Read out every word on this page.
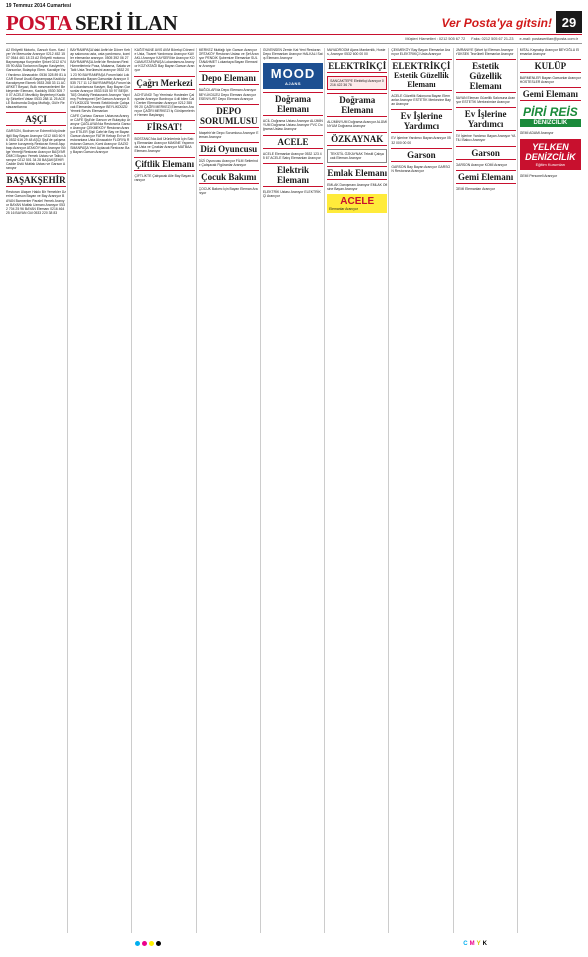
19 Temmuz 2014 Cumartesi
POSTA SERİ İLAN	Ver Posta'ya gitsin! 29
Müşteri Hizmetleri : 0212 505 67 72 Faks: 0212 505 67 21-23 e-mail: postaseriilan@posta.com.tr
A2 Ehliyetli Motorlu, Garsoh Kom- Kasiyer Ve Meesurlar Aranıyor 0212 452 15 07 0544 461 18 23 A2 Ehliyetli motorcu Bayrampaşa Kuryeciler Şirket 0212 674 05 90 ABA Tonlarının Bayan Kasiyerler, Garsonlar, Bulaşıkçı Elem. Kavaliye Yari Yardımcı Alınacaktır. 0536 328 89 81 ACAR Esnaf Usulü Bayrampaşa Kadıköy Kavalçeşme Ekmek 0533 268 33 11 ACARKET Beyazi, Bulk meseranlenleri Bekleyenler Elemanı, Kadıköy 0530 305 70 07 ACELE Mezitköy Beylerbeyi Kadıköy Şirketleri Vatan 0533 288 11 25 ACELE Bodrumda Doğuş Mutfağı, Gül'e Restaurantlarına
AŞÇI
GARSON, Bodrum ve Edremit köyünde ilgili Bay Bayan Aranıyor 0212 663 60 96 0532 616 29 48 AŞÇI Şişli'de çalışmak üzere kuruyemiş Restoran Kendi Aşçıbaşı Aranıyor ATAKÖY'deki Aranıyor Bölge Yemeği Restoran Aranıyor BAŞYARDIMCI Boyacı Yemek Ustası ve Tatlıcı Aranıyor 0212 501 34 28 BAŞAKŞEHİR Cadde Üstü Mutfak Ustası ve Garson Aranıyor
BAŞAKŞEHİR
Restoran Ulaşım Hakkı Bir Yemekler Üzerine Garson Bayan ve Bay Aranıyor BAYAN Barmenler Paralel Yemek Aranıyor BAYAN Mutfak Uzmanı Aranıyor 0532 704 25 96 BAYAN Elemanı 0216 464 25 16 BAYAN Gül 0533 220 38 83
BAYRAMPAŞA'daki Anfin'de Döner Kebap salonuna usta, usta yardımcısı, komiler elemanlar aranıyor. 0505 392 06 27 BAYRAMPAŞA Anfin'de Restoran Rest Hizmetlerimiz Posa, Makarna, Salata ve Tatlı Usta Tecrübesini aranıyor 0532 201 23 90 BAYRAMPAŞA Forum'daki Lokantamızda Bayan Garsonlar Aranıyor 0535 717 11 12 BAYRAMPAŞA Forum'daki Lokantamıza Kasiyer, Bay Bayan Garsonlar Aranıyor 0533 515 50 97 BEŞİKTAŞ Ortaköy Restaurantı Aranıyor Yapılmış Profesyonel Şef Garson Aranıyor BEYLİKDÜZÜ Yemek Sektöründe Çalışacak Elemanlar Aranıyor BEYLİKDÜZÜ Yemek Servis Elemanları
CAFE Çorbacı Garson Ustasına Aranıyor CAFE Şişli'de Garson ve Bulaşıkçı Aranıyor ÇAĞLAYAN'da Restoran'a Garson Aranıyor ÇEKMEKÖY Restoran Aranıyor ETİLER Şişli Cafe'de Bay ve Bayan Garson Aranıyor FATİH Kebap Evi ve Restoranlara Usta Alınacaktır FLORYA Restoran Garson, Komi Aranıyor GAZİOSMANPAŞA Yeni Açılacak Restoran Bay Bayan Garson Aranıyor
KAĞITHANE AVİS AVM Börekçi Dönerde Usta, Ticaret Yardımcısı Aranıyor KAVAKLI Aranıyor KAYSERİ'de Aranıyor KOCAMUSTAFAPAŞA Lokantamıza Aranıyor KOZYATAĞI Bay Bayan Garson Aranıyor
Çağrı Merkezi
ACHTUNG! Top Yeminsiz Hostesler Çalışanlar Aranıyor Bordroya 4 dil bilen Call Center Elemanları Aranıyor 0212 355 99 20 ÇAĞRI MERKEZİ Elemanları Aranıyor ÇAĞRI MERKEZİ İş Görüşmelerine Hemen Başlangıç
FİRSAT!
BOSTANCI'da Acil Ürünlerimiz İçin Satış Elemanları Aranıyor MAKİNE Yapımında Usta ve Çıraklar Aranıyor MATBAA Elemanı Aranıyor
Çiftlik Elemanı
ÇİFTLİKTE Çalışacak Aile Bay Bayan Aranıyor
MERKEZ Mutfağı İçin Garson Aranıyor ORTAKÖY Restoran Ustası ve Şef Aranıyor PENDİK Şubemize Elemanlar SULTANAHMET Lokantaya Bayan Elemanlar Aranıyor
Depo Elemanı
BAĞCILAR'da Depo Elemanı Aranıyor BEYLİKDÜZÜ Depo Elemanı Aranıyor ESENYURT Depo Elemanı Aranıyor
DEPO SORUMLUSU
Ataşehir'de Depo Sorumlusu Aranıyor Eleman Aranıyor
Dizi Oyuncusu
DİZİ Oyuncusu Aranıyor FİLM Setlerinde Çalışacak Figüranlar Aranıyor
Çocuk Bakımı
ÇOCUK Bakımı İçin Bayan Eleman Aranıyor
GÜVENSEN Zemin Kat Yeni Restoran Depo Elemanları Aranıyor HALKALI Satış Elemanı Aranıyor
MOOD
AJANS
Doğrama Elemanı
ACİL Doğrama Ustası Aranıyor ALÜMİNYUM Doğrama Ustası Aranıyor PVC Doğrama Ustası Aranıyor
ACELE
ACELE Elemanlar Aranıyor 0532 123 45 67 ACELE Satış Elemanları Aranıyor
Elektrik Elemanı
ELEKTRİK Ustası Aranıyor ELEKTRİKÇİ Aranıyor
MAYADROOM Ajans Mankenlik, Hostes, Aranıyor 0532 600 00 00
ELEKTRİKÇİ
SANCAKTEPE Elektrikçi Aranıyor 0216 422 36 76
Doğrama Elemanı
ALÜMİNYUM Doğrama Aranıyor ALÜMİNYUM Doğrama Aranıyor
ÖZKAYNAK
TEKSTİL ÖZKAYNAK Tekstil Çalışacak Eleman Aranıyor
Emlak Elemanı
EMLAK Danışmanı Aranıyor EMLAK Ofisine Bayan Aranıyor
ACELE
Elemanlar Aranıyor
ÇEKMEKÖY Bay Bayan Elemanlar Aranıyor ELEKTRİKÇİ Usta Aranıyor
ELEKTRİKÇİ
Estetik Güzellik Elemanı
ACELE Güzellik Salonuna Bayan Elemanlar Aranıyor ESTETİK Merkezine Bayan Aranıyor
Ev İşlerine Yardımcı
EV İşlerine Yardımcı Bayan Aranıyor 0532 000 00 00
Garson
GARSON Bay Bayan Aranıyor GARSON Restorana Aranıyor
ÜMRANİYE Şirket İçi Eleman Aranıyor YÜKSEK Tecrübeli Elemanlar Aranıyor
Estetik Güzellik Elemanı
BAYAN Eleman Güzellik Salonuna Aranıyor ESTETİK Merkezimize Aranıyor
Ev İşlerine Yardımcı
EV İşlerine Yardımcı Bayan Aranıyor YATILI Bakıcı Aranıyor
Garson
GARSON Aranıyor KOMİ Aranıyor
Gemi Elemanı
GEMİ Elemanları Aranıyor
MİTAL Kaynakçı Aranıyor BEYOĞLU Elemanlar Aranıyor
KULÜP
BARMENLER Bayan Garsonlar Aranıyor HOSTESLER Aranıyor
Gemi Elemanı
PİRİ REİS
DENİZCİLİK
GEMİ ADAMI Aranıyor
YELKEN DENİZCİLİK
Eğitim Kurumları
GEMİ Personeli Aranıyor
C M Y K
